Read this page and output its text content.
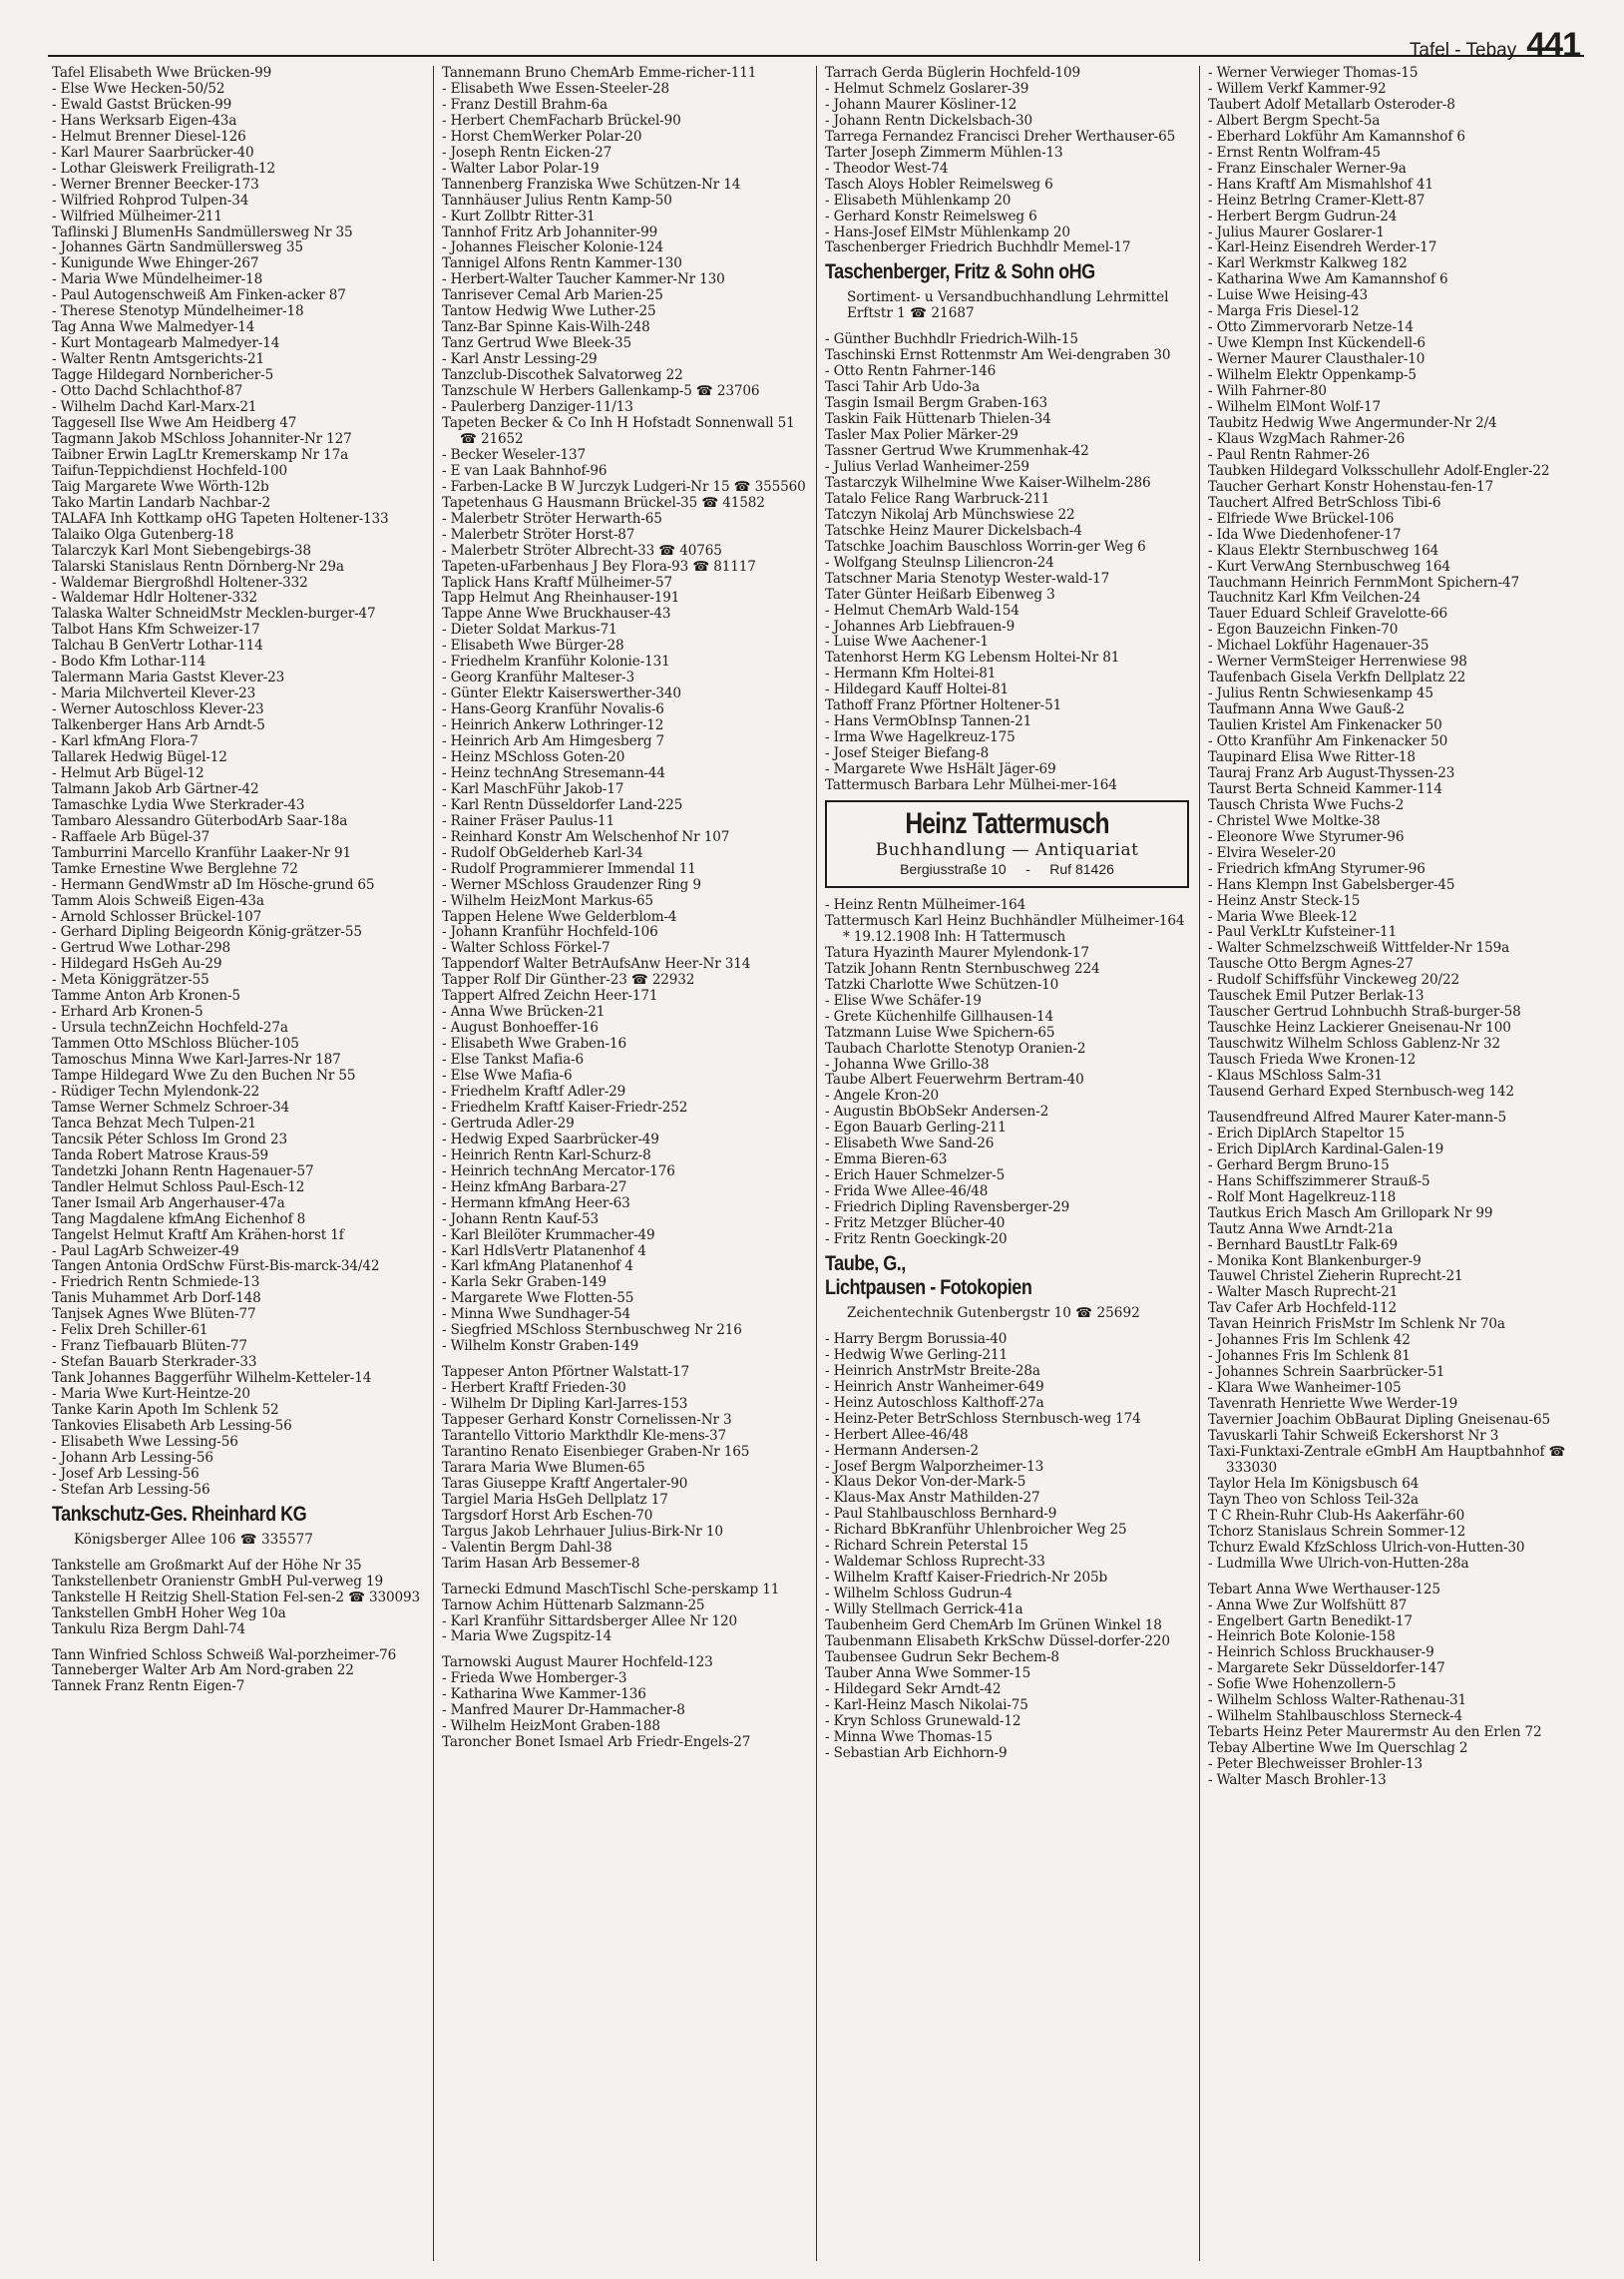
Tafel - Tebay 441

Tafel Elisabeth Wwe Brücken-99

- Else Wwe Hecken-50/52

- Ewald Gastst Brücken-99

- Hans Werksarb Eigen-43a

- Helmut Brenner Diesel-126

- Karl Maurer Saarbrücker-40

- Lothar Gleiswerk Freiligrath-12

- Werner Brenner Beecker-173

- Wilfried Rohprod Tulpen-34

- Wilfried Mülheimer-211

Taflinski J BlumenHs Sandmüllersweg Nr 35

- Johannes Gärtn Sandmüllersweg 35

- Kunigunde Wwe Ehinger-267

- Maria Wwe Mündelheimer-18

- Paul Autogenschweiß Am Finken-acker 87

- Therese Stenotyp Mündelheimer-18

Tag Anna Wwe Malmedyer-14

- Kurt Montagearb Malmedyer-14

- Walter Rentn Amtsgerichts-21

Tagge Hildegard Nornbericher-5

- Otto Dachd Schlachthof-87

- Wilhelm Dachd Karl-Marx-21

Taggesell Ilse Wwe Am Heidberg 47

Tagmann Jakob MSchloss Johanniter-Nr 127

Taibner Erwin LagLtr Kremerskamp Nr 17a

Taifun-Teppichdienst Hochfeld-100

Taig Margarete Wwe Wörth-12b

Tako Martin Landarb Nachbar-2

TALAFA Inh Kottkamp oHG Tapeten Holtener-133

Talaiko Olga Gutenberg-18

Talarczyk Karl Mont Siebengebirgs-38

Talarski Stanislaus Rentn Dörnberg-Nr 29a

- Waldemar Biergroßhdl Holtener-332

- Waldemar Hdlr Holtener-332

Talaska Walter SchneidMstr Mecklen-burger-47

Talbot Hans Kfm Schweizer-17

Talchau B GenVertr Lothar-114

- Bodo Kfm Lothar-114

Talermann Maria Gastst Klever-23

- Maria Milchverteil Klever-23

- Werner Autoschloss Klever-23

Talkenberger Hans Arb Arndt-5

- Karl kfmAng Flora-7

Tallarek Hedwig Bügel-12

- Helmut Arb Bügel-12

Talmann Jakob Arb Gärtner-42

Tamaschke Lydia Wwe Sterkrader-43

Tambaro Alessandro GüterbodArb Saar-18a

- Raffaele Arb Bügel-37

Tamburrini Marcello Kranführ Laaker-Nr 91

Tamke Ernestine Wwe Berglehne 72

- Hermann GendWmstr aD Im Hösche-grund 65

Tamm Alois Schweiß Eigen-43a

- Arnold Schlosser Brückel-107

- Gerhard Dipling Beigeordn König-grätzer-55

- Gertrud Wwe Lothar-298

- Hildegard HsGeh Au-29

- Meta Königgrätzer-55

Tamme Anton Arb Kronen-5

- Erhard Arb Kronen-5

- Ursula technZeichn Hochfeld-27a

Tammen Otto MSchloss Blücher-105

Tamoschus Minna Wwe Karl-Jarres-Nr 187

Tampe Hildegard Wwe Zu den Buchen Nr 55

- Rüdiger Techn Mylendonk-22

Tamse Werner Schmelz Schroer-34

Tanca Behzat Mech Tulpen-21

Tancsik Péter Schloss Im Grond 23

Tanda Robert Matrose Kraus-59

Tandetzki Johann Rentn Hagenauer-57

Tandler Helmut Schloss Paul-Esch-12

Taner Ismail Arb Angerhauser-47a

Tang Magdalene kfmAng Eichenhof 8

Tangelst Helmut Kraftf Am Krähen-horst 1f

- Paul LagArb Schweizer-49

Tangen Antonia OrdSchw Fürst-Bis-marck-34/42

- Friedrich Rentn Schmiede-13

Tanis Muhammet Arb Dorf-148

Tanjsek Agnes Wwe Blüten-77

- Felix Dreh Schiller-61

- Franz Tiefbauarb Blüten-77

- Stefan Bauarb Sterkrader-33

Tank Johannes Baggerführ Wilhelm-Ketteler-14

- Maria Wwe Kurt-Heintze-20

Tanke Karin Apoth Im Schlenk 52

Tankovies Elisabeth Arb Lessing-56

- Elisabeth Wwe Lessing-56

- Johann Arb Lessing-56

- Josef Arb Lessing-56

- Stefan Arb Lessing-56

Tankschutz-Ges. Rheinhard KG
Königsberger Allee 106 ☎ 335577

Tankstelle am Großmarkt Auf der Höhe Nr 35

Tankstellenbetr Oranienstr GmbH Pul-verweg 19

Tankstelle H Reitzig Shell-Station Fel-sen-2 ☎ 330093

Tankstellen GmbH Hoher Weg 10a

Tankulu Riza Bergm Dahl-74

Tann Winfried Schloss Schweiß Wal-porzheimer-76

Tanneberger Walter Arb Am Nord-graben 22

Tannek Franz Rentn Eigen-7

Tannemann Bruno ChemArb Emme-richer-111

- Elisabeth Wwe Essen-Steeler-28

- Franz Destill Brahm-6a

- Herbert ChemFacharb Brückel-90

- Horst ChemWerker Polar-20

- Joseph Rentn Eicken-27

- Walter Labor Polar-19

Tannenberg Franziska Wwe Schützen-Nr 14

Tannhäuser Julius Rentn Kamp-50

- Kurt Zollbtr Ritter-31

Tannhof Fritz Arb Johanniter-99

- Johannes Fleischer Kolonie-124

Tannigel Alfons Rentn Kammer-130

- Herbert-Walter Taucher Kammer-Nr 130

Tanrisever Cemal Arb Marien-25

Tantow Hedwig Wwe Luther-25

Tanz-Bar Spinne Kais-Wilh-248

Tanz Gertrud Wwe Bleek-35

- Karl Anstr Lessing-29

Tanzclub-Discothek Salvatorweg 22

Tanzschule W Herbers Gallenkamp-5 ☎ 23706

- Paulerberg Danziger-11/13

Tapeten Becker & Co Inh H Hofstadt Sonnenwall 51 ☎ 21652

- Becker Weseler-137

- E van Laak Bahnhof-96

- Farben-Lacke B W Jurczyk Ludgeri-Nr 15 ☎ 355560

Tapetenhaus G Hausmann Brückel-35 ☎ 41582

- Malerbetr Ströter Herwarth-65

- Malerbetr Ströter Horst-87

- Malerbetr Ströter Albrecht-33 ☎ 40765

Tapeten-uFarbenhaus J Bey Flora-93 ☎ 81117

Taplick Hans Kraftf Mülheimer-57

Tapp Helmut Ang Rheinhauser-191

Tappe Anne Wwe Bruckhauser-43

- Dieter Soldat Markus-71

- Elisabeth Wwe Bürger-28

- Friedhelm Kranführ Kolonie-131

- Georg Kranführ Malteser-3

- Günter Elektr Kaiserswerther-340

- Hans-Georg Kranführ Novalis-6

- Heinrich Ankerw Lothringer-12

- Heinrich Arb Am Himgesberg 7

- Heinz MSchloss Goten-20

- Heinz technAng Stresemann-44

- Karl MaschFühr Jakob-17

- Karl Rentn Düsseldorfer Land-225

- Rainer Fräser Paulus-11

- Reinhard Konstr Am Welschenhof Nr 107

- Rudolf ObGelderheb Karl-34

- Rudolf Programmierer Immendal 11

- Werner MSchloss Graudenzer Ring 9

- Wilhelm HeizMont Markus-65

Tappen Helene Wwe Gelderblom-4

- Johann Kranführ Hochfeld-106

- Walter Schloss Förkel-7

Tappendorf Walter BetrAufsAnw Heer-Nr 314

Tapper Rolf Dir Günther-23 ☎ 22932

Tappert Alfred Zeichn Heer-171

- Anna Wwe Brücken-21

- August Bonhoeffer-16

- Elisabeth Wwe Graben-16

- Else Tankst Mafia-6

- Else Wwe Mafia-6

- Friedhelm Kraftf Adler-29

- Friedhelm Kraftf Kaiser-Friedr-252

- Gertruda Adler-29

- Hedwig Exped Saarbrücker-49

- Heinrich Rentn Karl-Schurz-8

- Heinrich technAng Mercator-176

- Heinz kfmAng Barbara-27

- Hermann kfmAng Heer-63

- Johann Rentn Kauf-53

- Karl Bleilöter Krummacher-49

- Karl HdlsVertr Platanenhof 4

- Karl kfmAng Platanenhof 4

- Karla Sekr Graben-149

- Margarete Wwe Flotten-55

- Minna Wwe Sundhager-54

- Siegfried MSchloss Sternbuschweg Nr 216

- Wilhelm Konstr Graben-149

Tappeser Anton Pförtner Walstatt-17

- Herbert Kraftf Frieden-30

- Wilhelm Dr Dipling Karl-Jarres-153

Tappeser Gerhard Konstr Cornelissen-Nr 3

Tarantello Vittorio Markthdlr Kle-mens-37

Tarantino Renato Eisenbieger Graben-Nr 165

Tarara Maria Wwe Blumen-65

Taras Giuseppe Kraftf Angertaler-90

Targiel Maria HsGeh Dellplatz 17

Targsdorf Horst Arb Eschen-70

Targus Jakob Lehrhauer Julius-Birk-Nr 10

- Valentin Bergm Dahl-38

Tarim Hasan Arb Bessemer-8

Tarnecki Edmund MaschTischl Sche-perskamp 11

Tarnow Achim Hüttenarb Salzmann-25

- Karl Kranführ Sittardsberger Allee Nr 120

- Maria Wwe Zugspitz-14

Tarnowski August Maurer Hochfeld-123

- Frieda Wwe Homberger-3

- Katharina Wwe Kammer-136

- Manfred Maurer Dr-Hammacher-8

- Wilhelm HeizMont Graben-188

Taroncher Bonet Ismael Arb Friedr-Engels-27

Tarrach Gerda Büglerin Hochfeld-109

- Helmut Schmelz Goslarer-39

- Johann Maurer Kösliner-12

- Johann Rentn Dickelsbach-30

Tarrega Fernandez Francisci Dreher Werthauser-65

Tarter Joseph Zimmerm Mühlen-13

- Theodor West-74

Tasch Aloys Hobler Reimelsweg 6

- Elisabeth Mühlenkamp 20

- Gerhard Konstr Reimelsweg 6

- Hans-Josef ElMstr Mühlenkamp 20

Taschenberger Friedrich Buchhdlr Memel-17

Taschenberger, Fritz & Sohn oHG
Sortiment- u Versandbuchhandlung Lehrmittel Erftstr 1 ☎ 21687

- Günther Buchhdlr Friedrich-Wilh-15

Taschinski Ernst Rottenmstr Am Wei-dengraben 30

- Otto Rentn Fahrner-146

Tasci Tahir Arb Udo-3a

Tasgin Ismail Bergm Graben-163

Taskin Faik Hüttenarb Thielen-34

Tasler Max Polier Märker-29

Tassner Gertrud Wwe Krummenhak-42

- Julius Verlad Wanheimer-259

Tastarczyk Wilhelmine Wwe Kaiser-Wilhelm-286

Tatalo Felice Rang Warbruck-211

Tatczyn Nikolaj Arb Münchswiese 22

Tatschke Heinz Maurer Dickelsbach-4

Tatschke Joachim Bauschloss Worrin-ger Weg 6

- Wolfgang Steulnsp Liliencron-24

Tatschner Maria Stenotyp Wester-wald-17

Tater Günter Heißarb Eibenweg 3

- Helmut ChemArb Wald-154

- Johannes Arb Liebfrauen-9

- Luise Wwe Aachener-1

Tatenhorst Herm KG Lebensm Holtei-Nr 81

- Hermann Kfm Holtei-81

- Hildegard Kauff Holtei-81

Tathoff Franz Pförtner Holtener-51

- Hans VermObInsp Tannen-21

- Irma Wwe Hagelkreuz-175

- Josef Steiger Biefang-8

- Margarete Wwe HsHält Jäger-69

Tattermusch Barbara Lehr Mülhei-mer-164

Heinz Tattermusch
Buchhandlung — Antiquariat
Bergiusstraße 10 - Ruf 81426

- Heinz Rentn Mülheimer-164

Tattermusch Karl Heinz Buchhändler Mülheimer-164 * 19.12.1908 Inh: H Tattermusch

Tatura Hyazinth Maurer Mylendonk-17

Tatzik Johann Rentn Sternbuschweg 224

Tatzki Charlotte Wwe Schützen-10

- Elise Wwe Schäfer-19

- Grete Küchenhilfe Gillhausen-14

Tatzmann Luise Wwe Spichern-65

Taubach Charlotte Stenotyp Oranien-2

- Johanna Wwe Grillo-38

Taube Albert Feuerwehrm Bertram-40

- Angele Kron-20

- Augustin BbObSekr Andersen-2

- Egon Bauarb Gerling-211

- Elisabeth Wwe Sand-26

- Emma Bieren-63

- Erich Hauer Schmelzer-5

- Frida Wwe Allee-46/48

- Friedrich Dipling Ravensberger-29

- Fritz Metzger Blücher-40

- Fritz Rentn Goeckingk-20

Taube, G.,
Lichtpausen - Fotokopien
Zeichentechnik Gutenbergstr 10 ☎ 25692

- Harry Bergm Borussia-40

- Hedwig Wwe Gerling-211

- Heinrich AnstrMstr Breite-28a

- Heinrich Anstr Wanheimer-649

- Heinz Autoschloss Kalthoff-27a

- Heinz-Peter BetrSchloss Sternbusch-weg 174

- Herbert Allee-46/48

- Hermann Andersen-2

- Josef Bergm Walporzheimer-13

- Klaus Dekor Von-der-Mark-5

- Klaus-Max Anstr Mathilden-27

- Paul Stahlbauschloss Bernhard-9

- Richard BbKranführ Uhlenbroicher Weg 25

- Richard Schrein Peterstal 15

- Waldemar Schloss Ruprecht-33

- Wilhelm Kraftf Kaiser-Friedrich-Nr 205b

- Wilhelm Schloss Gudrun-4

- Willy Stellmach Gerrick-41a

Taubenheim Gerd ChemArb Im Grünen Winkel 18

Taubenmann Elisabeth KrkSchw Düssel-dorfer-220

Taubensee Gudrun Sekr Bechem-8

Tauber Anna Wwe Sommer-15

- Hildegard Sekr Arndt-42

- Karl-Heinz Masch Nikolai-75

- Kryn Schloss Grunewald-12

- Minna Wwe Thomas-15

- Sebastian Arb Eichhorn-9

- Werner Verwieger Thomas-15

- Willem Verkf Kammer-92

Taubert Adolf Metallarb Osteroder-8

- Albert Bergm Specht-5a

- Eberhard Lokführ Am Kamannshof 6

- Ernst Rentn Wolfram-45

- Franz Einschaler Werner-9a

- Hans Kraftf Am Mismahlshof 41

- Heinz Betrlng Cramer-Klett-87

- Herbert Bergm Gudrun-24

- Julius Maurer Goslarer-1

- Karl-Heinz Eisendreh Werder-17

- Karl Werkmstr Kalkweg 182

- Katharina Wwe Am Kamannshof 6

- Luise Wwe Heising-43

- Marga Fris Diesel-12

- Otto Zimmervorarb Netze-14

- Uwe Klempn Inst Kückendell-6

- Werner Maurer Clausthaler-10

- Wilhelm Elektr Oppenkamp-5

- Wilh Fahrner-80

- Wilhelm ElMont Wolf-17

Taubitz Hedwig Wwe Angermunder-Nr 2/4

- Klaus WzgMach Rahmer-26

- Paul Rentn Rahmer-26

Taubken Hildegard Volksschullehr Adolf-Engler-22

Taucher Gerhart Konstr Hohenstau-fen-17

Tauchert Alfred BetrSchloss Tibi-6

- Elfriede Wwe Brückel-106

- Ida Wwe Diedenhofener-17

- Klaus Elektr Sternbuschweg 164

- Kurt VerwAng Sternbuschweg 164

Tauchmann Heinrich FernmMont Spichern-47

Tauchnitz Karl Kfm Veilchen-24

Tauer Eduard Schleif Gravelotte-66

- Egon Bauzeichn Finken-70

- Michael Lokführ Hagenauer-35

- Werner VermSteiger Herrenwiese 98

Taufenbach Gisela Verkfn Dellplatz 22

- Julius Rentn Schwiesenkamp 45

Taufmann Anna Wwe Gauß-2

Taulien Kristel Am Finkenacker 50

- Otto Kranführ Am Finkenacker 50

Taupinard Elisa Wwe Ritter-18

Tauraj Franz Arb August-Thyssen-23

Taurst Berta Schneid Kammer-114

Tausch Christa Wwe Fuchs-2

- Christel Wwe Moltke-38

- Eleonore Wwe Styrumer-96

- Elvira Weseler-20

- Friedrich kfmAng Styrumer-96

- Hans Klempn Inst Gabelsberger-45

- Heinz Anstr Steck-15

- Maria Wwe Bleek-12

- Paul VerkLtr Kufsteiner-11

- Walter Schmelzschweiß Wittfelder-Nr 159a

Tausche Otto Bergm Agnes-27

- Rudolf Schiffsführ Vinckeweg 20/22

Tauschek Emil Putzer Berlak-13

Tauscher Gertrud Lohnbuchh Straß-burger-58

Tauschke Heinz Lackierer Gneisenau-Nr 100

Tauschwitz Wilhelm Schloss Gablenz-Nr 32

Tausch Frieda Wwe Kronen-12

- Klaus MSchloss Salm-31

Tausend Gerhard Exped Sternbusch-weg 142

Tausendfreund Alfred Maurer Kater-mann-5

- Erich DiplArch Stapeltor 15

- Erich DiplArch Kardinal-Galen-19

- Gerhard Bergm Bruno-15

- Hans Schiffszimmerer Strauß-5

- Rolf Mont Hagelkreuz-118

Tautkus Erich Masch Am Grillopark Nr 99

Tautz Anna Wwe Arndt-21a

- Bernhard BaustLtr Falk-69

- Monika Kont Blankenburger-9

Tauwel Christel Zieherin Ruprecht-21

- Walter Masch Ruprecht-21

Tav Cafer Arb Hochfeld-112

Tavan Heinrich FrisMstr Im Schlenk Nr 70a

- Johannes Fris Im Schlenk 42

- Johannes Fris Im Schlenk 81

- Johannes Schrein Saarbrücker-51

- Klara Wwe Wanheimer-105

Tavenrath Henriette Wwe Werder-19

Tavernier Joachim ObBaurat Dipling Gneisenau-65

Tavuskarli Tahir Schweiß Eckershorst Nr 3

Taxi-Funktaxi-Zentrale eGmbH Am Hauptbahnhof ☎ 333030

Taylor Hela Im Königsbusch 64

Tayn Theo von Schloss Teil-32a

T C Rhein-Ruhr Club-Hs Aakerfähr-60

Tchorz Stanislaus Schrein Sommer-12

Tchurz Ewald KfzSchloss Ulrich-von-Hutten-30

- Ludmilla Wwe Ulrich-von-Hutten-28a

Tebart Anna Wwe Werthauser-125

- Anna Wwe Zur Wolfshütt 87

- Engelbert Gartn Benedikt-17

- Heinrich Bote Kolonie-158

- Heinrich Schloss Bruckhauser-9

- Margarete Sekr Düsseldorfer-147

- Sofie Wwe Hohenzollern-5

- Wilhelm Schloss Walter-Rathenau-31

- Wilhelm Stahlbauschloss Sterneck-4

Tebarts Heinz Peter Maurermstr Au den Erlen 72

Tebay Albertine Wwe Im Querschlag 2

- Peter Blechweisser Brohler-13

- Walter Masch Brohler-13
